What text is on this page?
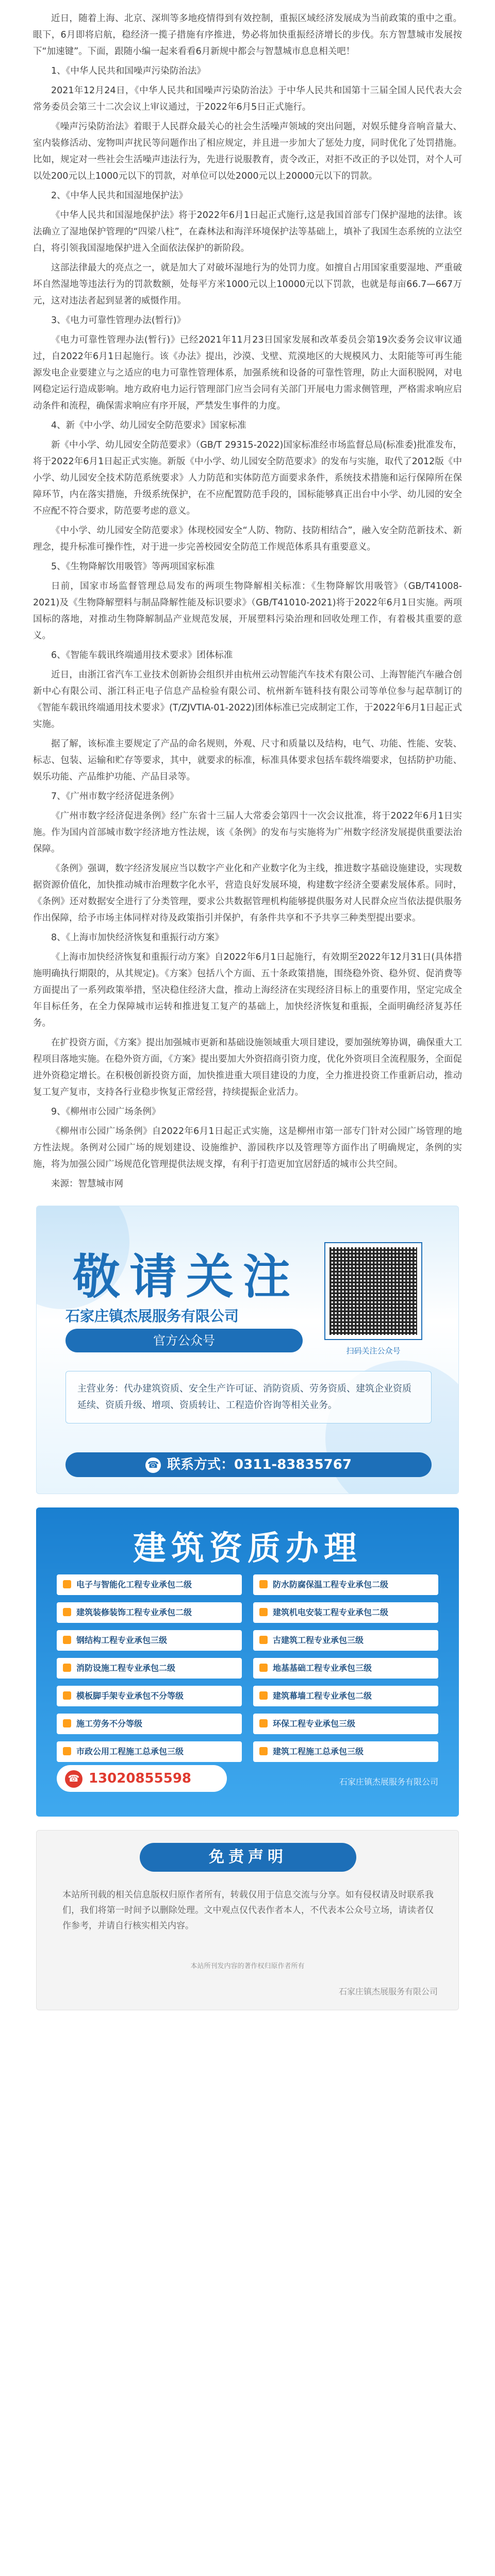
近日，随着上海、北京、深圳等多地疫情得到有效控制，重振区域经济发展成为当前政策的重中之重。眼下，6月即将启航，稳经济一揽子措施有序推进，势必将加快重振经济增长的步伐。东方智慧城市发展按下“加速键”。下面，跟随小编一起来看看6月新规中都会与智慧城市息息相关吧！

1、《中华人民共和国噪声污染防治法》

2021年12月24日，《中华人民共和国噪声污染防治法》于中华人民共和国第十三届全国人民代表大会常务委员会第三十二次会议上审议通过，于2022年6月5日正式施行。

《噪声污染防治法》着眼于人民群众最关心的社会生活噪声领域的突出问题，对娱乐健身音响音量大、室内装修活动、宠物叫声扰民等问题作出了相应规定，并且进一步加大了惩处力度，同时优化了处罚措施。比如，规定对一些社会生活噪声违法行为，先进行说服教育，责令改正，对拒不改正的予以处罚，对个人可以处200元以上1000元以下的罚款，对单位可以处2000元以上20000元以下的罚款。

2、《中华人民共和国湿地保护法》

《中华人民共和国湿地保护法》将于2022年6月1日起正式施行,这是我国首部专门保护湿地的法律。该法确立了湿地保护管理的“四梁八柱”，在森林法和海洋环境保护法等基础上，填补了我国生态系统的立法空白，将引领我国湿地保护进入全面依法保护的新阶段。

这部法律最大的亮点之一，就是加大了对破坏湿地行为的处罚力度。如擅自占用国家重要湿地、严重破坏自然湿地等违法行为的罚款数额，处每平方米1000元以上10000元以下罚款，也就是每亩66.7—667万元，这对违法者起到显著的威慑作用。

3、《电力可靠性管理办法(暂行)》

《电力可靠性管理办法(暂行)》已经2021年11月23日国家发展和改革委员会第19次委务会议审议通过，自2022年6月1日起施行。该《办法》提出，沙漠、戈壁、荒漠地区的大规模风力、太阳能等可再生能源发电企业要建立与之适应的电力可靠性管理体系，加强系统和设备的可靠性管理，防止大面积脱网，对电网稳定运行造成影响。地方政府电力运行管理部门应当会同有关部门开展电力需求侧管理，严格需求响应启动条件和流程，确保需求响应有序开展，严禁发生事件的力度。

4、新《中小学、幼儿园安全防范要求》国家标准

新《中小学、幼儿园安全防范要求》（GB/T 29315-2022)国家标准经市场监督总局(标准委)批准发布，将于2022年6月1日起正式实施。新版《中小学、幼儿园安全防范要求》的发布与实施，取代了2012版《中小学、幼儿园安全技术防范系统要求》人力防范和实体防范方面要求条件，系统技术措施和运行保障所在保障环节，内在落实措施，升级系统保护，在不应配置防范手段的，国标能够真正出台中小学、幼儿园的安全不应配不符合要求，防范要考虑的意义。

《中小学、幼儿园安全防范要求》体现校园安全“人防、物防、技防相结合”，融入安全防范新技术、新理念，提升标准可操作性，对于进一步完善校园安全防范工作规范体系具有重要意义。

5、《生物降解饮用吸管》等两项国家标准

日前，国家市场监督管理总局发布的两项生物降解相关标准：《生物降解饮用吸管》（GB/T41008-2021)及《生物降解塑料与制品降解性能及标识要求》（GB/T41010-2021)将于2022年6月1日实施。两项国标的落地，对推动生物降解制品产业规范发展，开展塑料污染治理和回收处理工作，有着极其重要的意义。

6、《智能车载讯终端通用技术要求》团体标准

近日，由浙江省汽车工业技术创新协会组织并由杭州云动智能汽车技术有限公司、上海智能汽车融合创新中心有限公司、浙江科正电子信息产品检验有限公司、杭州新车链科技有限公司等单位参与起草制订的《智能车载讯终端通用技术要求》(T/ZJVTIA-01-2022)团体标准已完成制定工作，于2022年6月1日起正式实施。

据了解，该标准主要规定了产品的命名规则，外观、尺寸和质量以及结构，电气、功能、性能、安装、标志、包装、运输和贮存等要求，其中，就要求的标准，标准具体要求包括车载终端要求，包括防护功能、娱乐功能、产品维护功能、产品目录等。

7、《广州市数字经济促进条例》

《广州市数字经济促进条例》经广东省十三届人大常委会第四十一次会议批准，将于2022年6月1日实施。作为国内首部城市数字经济地方性法规，该《条例》的发布与实施将为广州数字经济发展提供重要法治保障。

《条例》强调，数字经济发展应当以数字产业化和产业数字化为主线，推进数字基础设施建设，实现数据资源价值化，加快推动城市治理数字化水平，营造良好发展环境，构建数字经济全要素发展体系。同时，《条例》还对数据安全进行了分类管理，要求公共数据管理机构能够提供服务对人民群众应当依法提供服务作出保障，给予市场主体同样对待及政策指引并保护，有条件共享和不予共享三种类型提出要求。

8、《上海市加快经济恢复和重振行动方案》

《上海市加快经济恢复和重振行动方案》自2022年6月1日起施行，有效期至2022年12月31日(具体措施明确执行期限的，从其规定)。《方案》包括八个方面、五十条政策措施，围绕稳外资、稳外贸、促消费等方面提出了一系列政策举措，坚决稳住经济大盘，推动上海经济在实现经济目标上的重要作用，坚定完成全年目标任务，在全力保障城市运转和推进复工复产的基础上，加快经济恢复和重振，全面明确经济复苏任务。

在扩投资方面，《方案》提出加强城市更新和基础设施领域重大项目建设，要加强统筹协调，确保重大工程项目落地实施。在稳外资方面，《方案》提出要加大外资招商引资力度，优化外资项目全流程服务，全面促进外资稳定增长。在积极创新投资方面，加快推进重大项目建设的力度，全力推进投资工作重新启动，推动复工复产复市，支持各行业稳步恢复正常经营，持续提振企业活力。

9、《柳州市公园广场条例》

《柳州市公园广场条例》自2022年6月1日起正式实施，这是柳州市第一部专门针对公园广场管理的地方性法规。条例对公园广场的规划建设、设施维护、游园秩序以及管理等方面作出了明确规定，条例的实施，将为加强公园广场规范化管理提供法规支撑，有利于打造更加宜居舒适的城市公共空间。

来源：智慧城市网

敬请关注
石家庄镇杰展服务有限公司
官方公众号
扫码关注公众号
主营业务：代办建筑资质、安全生产许可证、消防资质、劳务资质、建筑企业资质延续、资质升级、增项、资质转让、工程造价咨询等相关业务。
☎ 联系方式：0311-83835767
建筑资质办理
电子与智能化工程专业承包二级	防水防腐保温工程专业承包二级
建筑装修装饰工程专业承包二级	建筑机电安装工程专业承包二级
钢结构工程专业承包三级	古建筑工程专业承包三级
消防设施工程专业承包二级	地基基础工程专业承包三级
模板脚手架专业承包不分等级	建筑幕墙工程专业承包二级
施工劳务不分等级	环保工程专业承包三级
市政公用工程施工总承包三级	建筑工程施工总承包三级
☎ 13020855598	石家庄镇杰展服务有限公司
免责声明
本站所刊载的相关信息版权归原作者所有，转载仅用于信息交流与分享。如有侵权请及时联系我们，我们将第一时间予以删除处理。文中观点仅代表作者本人，不代表本公众号立场，请读者仅作参考，并请自行核实相关内容。
本站所刊发内容的著作权归原作者所有
石家庄镇杰展服务有限公司
